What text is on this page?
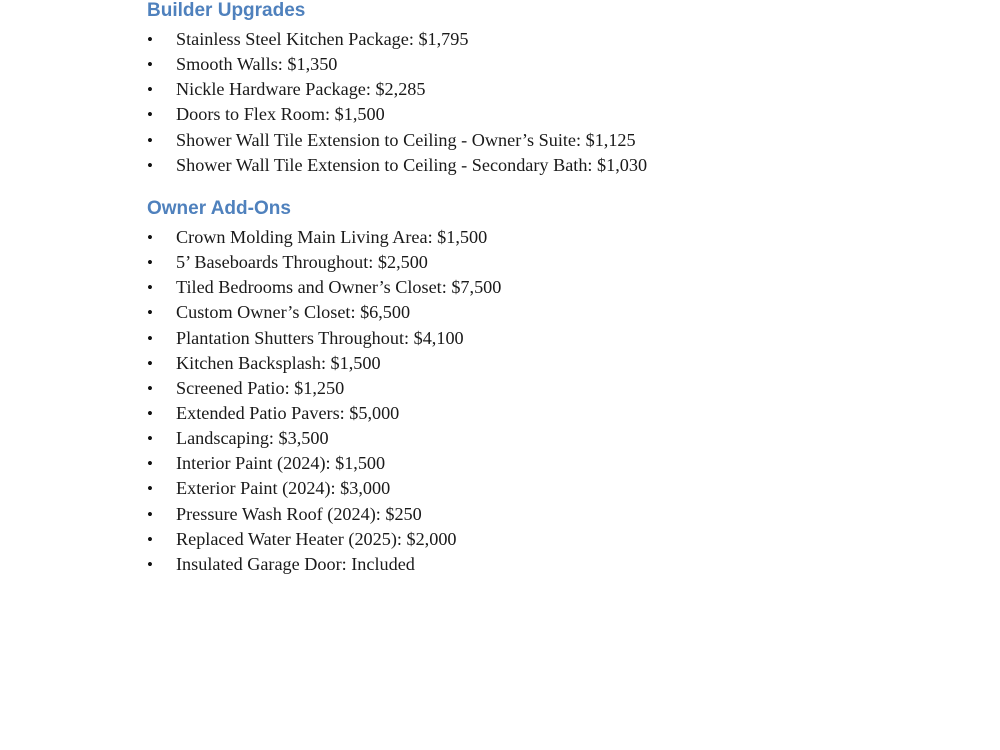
Builder Upgrades
• Stainless Steel Kitchen Package: $1,795
• Smooth Walls: $1,350
• Nickle Hardware Package: $2,285
• Doors to Flex Room: $1,500
• Shower Wall Tile Extension to Ceiling - Owner’s Suite: $1,125
• Shower Wall Tile Extension to Ceiling - Secondary Bath: $1,030
Owner Add-Ons
• Crown Molding Main Living Area: $1,500
• 5’ Baseboards Throughout: $2,500
• Tiled Bedrooms and Owner’s Closet: $7,500
• Custom Owner’s Closet: $6,500
• Plantation Shutters Throughout: $4,100
• Kitchen Backsplash: $1,500
• Screened Patio: $1,250
• Extended Patio Pavers: $5,000
• Landscaping: $3,500
• Interior Paint (2024): $1,500
• Exterior Paint (2024): $3,000
• Pressure Wash Roof (2024): $250
• Replaced Water Heater (2025): $2,000
• Insulated Garage Door: Included
